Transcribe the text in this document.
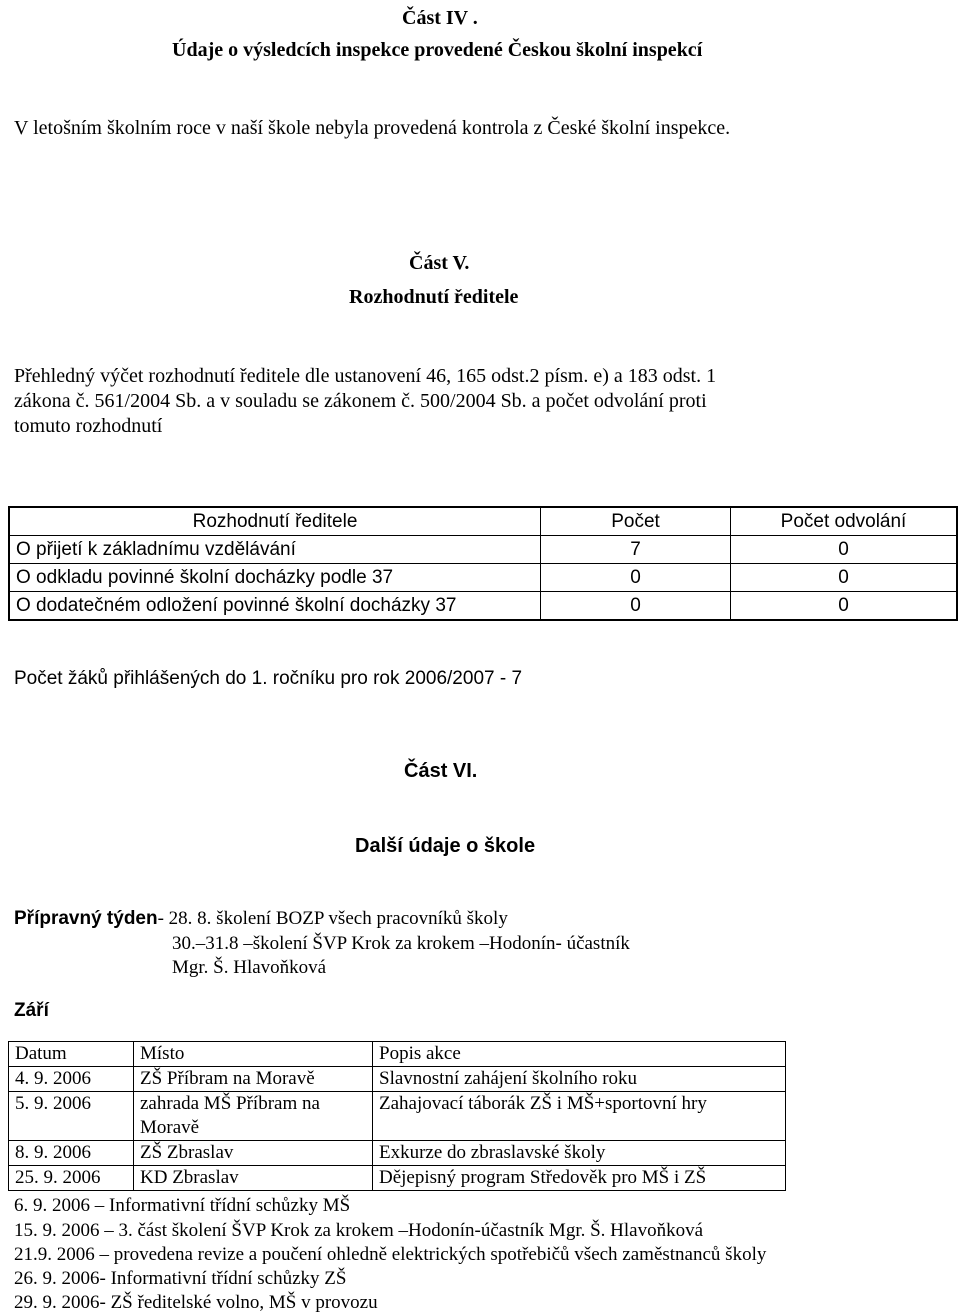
Část IV .
Údaje o výsledcích inspekce provedené Českou školní inspekcí
V letošním školním roce v naší škole nebyla provedená kontrola z České školní inspekce.
Část V.
Rozhodnutí ředitele
Přehledný výčet rozhodnutí ředitele dle ustanovení 46, 165 odst.2 písm. e) a 183 odst. 1
zákona č. 561/2004 Sb. a v souladu se zákonem č. 500/2004 Sb. a počet odvolání proti
tomuto rozhodnutí
Rozhodnutí ředitele	Počet	Počet odvolání
O přijetí k základnímu vzdělávání	7	0
O odkladu povinné školní docházky podle 37	0	0
O dodatečném odložení povinné školní docházky 37	0	0
Počet žáků přihlášených do 1. ročníku pro rok 2006/2007 - 7
Část VI.
Další údaje o škole
Přípravný týden- 28. 8. školení BOZP všech pracovníků školy
30.–31.8 –školení ŠVP Krok za krokem –Hodonín- účastník
Mgr. Š. Hlavoňková
Září
Datum	Místo	Popis akce
4. 9. 2006	ZŠ Příbram na Moravě	Slavnostní zahájení školního roku
5. 9. 2006	zahrada MŠ Příbram na Moravě	Zahajovací táborák ZŠ i MŠ+sportovní hry
8. 9. 2006	ZŠ Zbraslav	Exkurze do zbraslavské školy
25. 9. 2006	KD Zbraslav	Dějepisný program Středověk pro MŠ i ZŠ
6. 9. 2006 – Informativní třídní schůzky MŠ
15. 9. 2006 – 3. část školení ŠVP Krok za krokem –Hodonín-účastník Mgr. Š. Hlavoňková
21.9. 2006 – provedena revize a poučení ohledně elektrických spotřebičů všech zaměstnanců školy
26. 9. 2006- Informativní třídní schůzky ZŠ
29. 9. 2006- ZŠ ředitelské volno, MŠ v provozu
